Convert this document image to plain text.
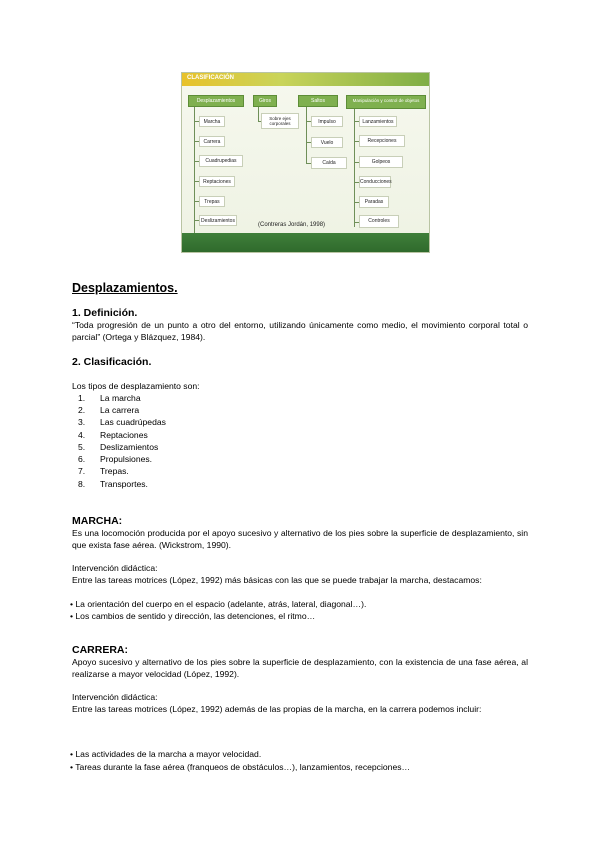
CLASIFICACIÓN
Desplazamientos	Giros	Saltos	Manipulación y control de objetos
Marcha
Carrera
Cuadrupedias
Reptaciones
Trepas
Deslizamientos
Sobre ejes corporales	Impulso
Vuelo
Caída
Lanzamientos
Recepciones
Golpeos
Conducciones
Paradas
Controles
(Contreras Jordán, 1998)
Desplazamientos.
1. Definición.
“Toda progresión de un punto a otro del entorno, utilizando únicamente como medio, el movimiento corporal total o parcial” (Ortega y Blázquez, 1984).
2. Clasificación.
Los tipos de desplazamiento son:
1. La marcha
2. La carrera
3. Las cuadrúpedas
4. Reptaciones
5. Deslizamientos
6. Propulsiones.
7. Trepas.
8. Transportes.
MARCHA:
Es una locomoción producida por el apoyo sucesivo y alternativo de los pies sobre la superficie de desplazamiento, sin que exista fase aérea. (Wickstrom, 1990).
Intervención didáctica:
Entre las tareas motrices (López, 1992) más básicas con las que se puede trabajar la marcha, destacamos:
• La orientación del cuerpo en el espacio (adelante, atrás, lateral, diagonal…).
• Los cambios de sentido y dirección, las detenciones, el ritmo…
CARRERA:
Apoyo sucesivo y alternativo de los pies sobre la superficie de desplazamiento, con la existencia de una fase aérea, al realizarse a mayor velocidad (López, 1992).
Intervención didáctica:
Entre las tareas motrices (López, 1992) además de las propias de la marcha, en la carrera podemos incluir:
• Las actividades de la marcha a mayor velocidad.
• Tareas durante la fase aérea (franqueos de obstáculos…), lanzamientos, recepciones…
